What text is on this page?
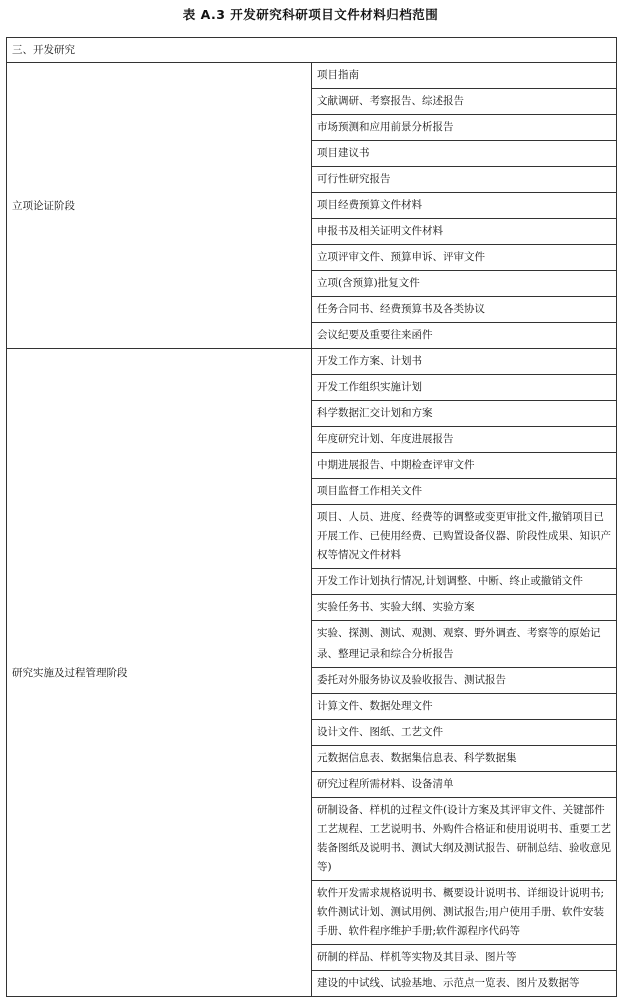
表 A.3 开发研究科研项目文件材料归档范围
三、开发研究	
立项论证阶段	项目指南
	文献调研、考察报告、综述报告
	市场预测和应用前景分析报告
	项目建议书
	可行性研究报告
	项目经费预算文件材料
	申报书及相关证明文件材料
	立项评审文件、预算申诉、评审文件
	立项(含预算)批复文件
	任务合同书、经费预算书及各类协议
	会议纪要及重要往来函件
研究实施及过程管理阶段	开发工作方案、计划书
	开发工作组织实施计划
	科学数据汇交计划和方案
	年度研究计划、年度进展报告
	中期进展报告、中期检查评审文件
	项目监督工作相关文件
	项目、人员、进度、经费等的调整或变更审批文件,撤销项目已开展工作、已使用经费、已购置设备仪器、阶段性成果、知识产权等情况文件材料
	开发工作计划执行情况,计划调整、中断、终止或撤销文件
	实验任务书、实验大纲、实验方案
	实验、探测、测试、观测、观察、野外调查、考察等的原始记录、整理记录和综合分析报告
	委托对外服务协议及验收报告、测试报告
	计算文件、数据处理文件
	设计文件、图纸、工艺文件
	元数据信息表、数据集信息表、科学数据集
	研究过程所需材料、设备清单
	研制设备、样机的过程文件(设计方案及其评审文件、关键部件工艺规程、工艺说明书、外购件合格证和使用说明书、重要工艺装备图纸及说明书、测试大纲及测试报告、研制总结、验收意见等)
	软件开发需求规格说明书、概要设计说明书、详细设计说明书;软件测试计划、测试用例、测试报告;用户使用手册、软件安装手册、软件程序维护手册;软件源程序代码等
	研制的样品、样机等实物及其目录、图片等
	建设的中试线、试验基地、示范点一览表、图片及数据等
